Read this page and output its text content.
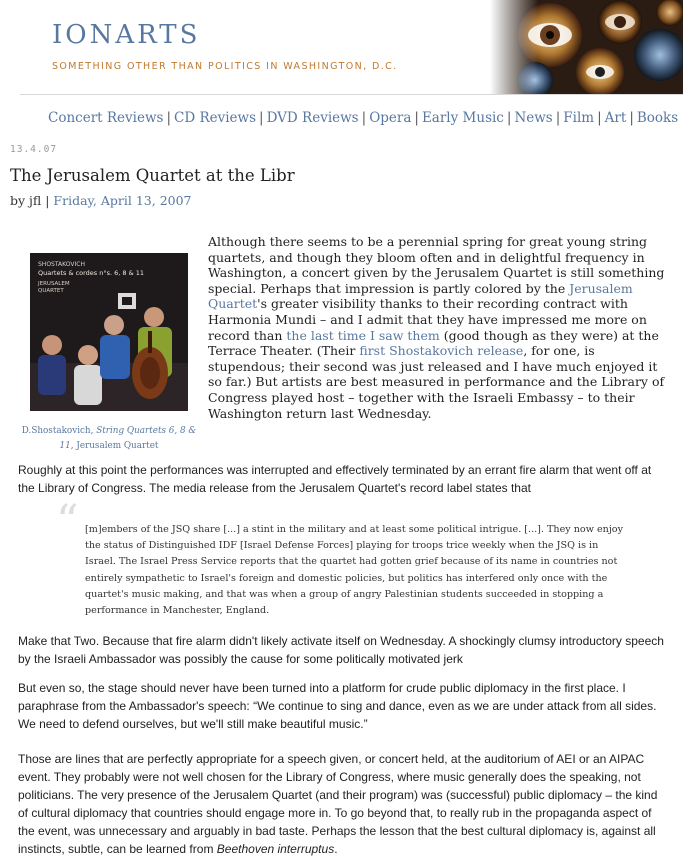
IONARTS
SOMETHING OTHER THAN POLITICS IN WASHINGTON, D.C.
Concert Reviews | CD Reviews | DVD Reviews | Opera | Early Music | News | Film | Art | Books
13.4.07
The Jerusalem Quartet at the Libr
by jfl | Friday, April 13, 2007
SHOSTAKOVICH
Quartets & cordes n°s. 6, 8 & 11
JERUSALEM
QUARTET
D.Shostakovich, String Quartets 6, 8 & 11, Jerusalem Quartet
Although there seems to be a perennial spring for great young string quartets, and though they bloom often and in delightful frequency in Washington, a concert given by the Jerusalem Quartet is still something special. Perhaps that impression is partly colored by the Jerusalem Quartet's greater visibility thanks to their recording contract with Harmonia Mundi – and I admit that they have impressed me more on record than the last time I saw them (good though as they were) at the Terrace Theater. (Their first Shostakovich release, for one, is stupendous; their second was just released and I have much enjoyed it so far.) But artists are best measured in performance and the Library of Congress played host – together with the Israeli Embassy – to their Washington return last Wednesday.
Roughly at this point the performances was interrupted and effectively terminated by an errant fire alarm that went off at the Library of Congress. The media release from the Jerusalem Quartet's record label states that
“ [m]embers of the JSQ share [...] a stint in the military and at least some political intrigue. [...]. They now enjoy the status of Distinguished IDF [Israel Defense Forces] playing for troops trice weekly when the JSQ is in Israel. The Israel Press Service reports that the quartet had gotten grief because of its name in countries not entirely sympathetic to Israel's foreign and domestic policies, but politics has interfered only once with the quartet's music making, and that was when a group of angry Palestinian students succeeded in stopping a performance in Manchester, England.
Make that Two. Because that fire alarm didn't likely activate itself on Wednesday. A shockingly clumsy introductory speech by the Israeli Ambassador was possibly the cause for some politically motivated jerk
But even so, the stage should never have been turned into a platform for crude public diplomacy in the first place. I paraphrase from the Ambassador's speech: “We continue to sing and dance, even as we are under attack from all sides. We need to defend ourselves, but we'll still make beautiful music.”
Those are lines that are perfectly appropriate for a speech given, or concert held, at the auditorium of AEI or an AIPAC event. They probably were not well chosen for the Library of Congress, where music generally does the speaking, not politicians. The very presence of the Jerusalem Quartet (and their program) was (successful) public diplomacy – the kind of cultural diplomacy that countries should engage more in. To go beyond that, to really rub in the propaganda aspect of the event, was unnecessary and arguably in bad taste. Perhaps the lesson that the best cultural diplomacy is, against all instincts, subtle, can be learned from Beethoven interruptus.
